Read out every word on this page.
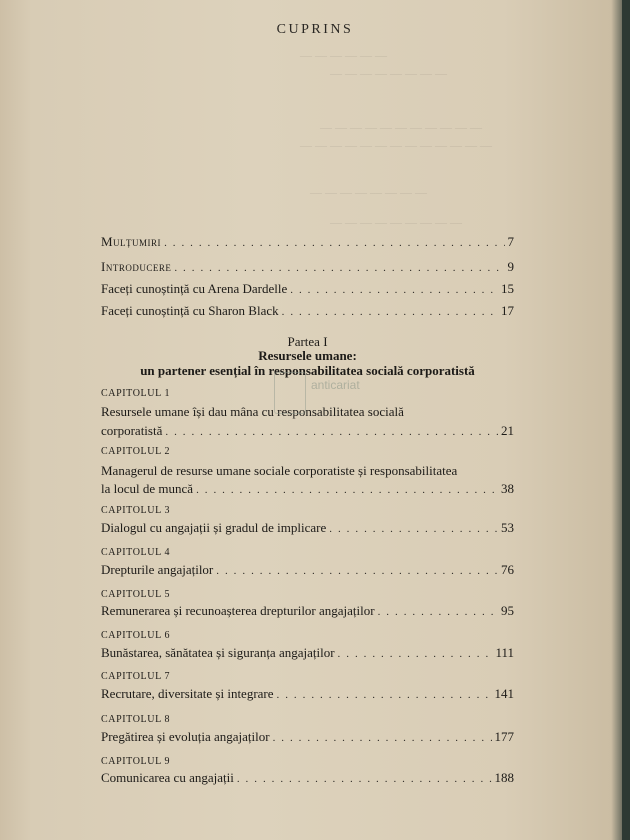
— — — — — —
— — — — — — — —
— — — — — — — — — — —
— — — — — — — — — — — — —
— — — — — — — —
— — — — — — — — —
CUPRINS
Mulțumiri . . .	7
Introducere . . .	9
Faceți cunoștință cu Arena Dardelle . . .	15
Faceți cunoștință cu Sharon Black . . .	17
Partea I
Resursele umane:
un partener esențial în responsabilitatea socială corporatistă
CAPITOLUL 1
Resursele umane își dau mâna cu responsabilitatea socială
corporatistă . . .	21
CAPITOLUL 2
Managerul de resurse umane sociale corporatiste și responsabilitatea
la locul de muncă . . .	38
CAPITOLUL 3
Dialogul cu angajații și gradul de implicare . . .	53
CAPITOLUL 4
Drepturile angajaților . . .	76
CAPITOLUL 5
Remunerarea și recunoașterea drepturilor angajaților . . .	95
CAPITOLUL 6
Bunăstarea, sănătatea și siguranța angajaților . . .	111
CAPITOLUL 7
Recrutare, diversitate și integrare . . .	141
CAPITOLUL 8
Pregătirea și evoluția angajaților . . .	177
CAPITOLUL 9
Comunicarea cu angajații . . .	188
anticariat
